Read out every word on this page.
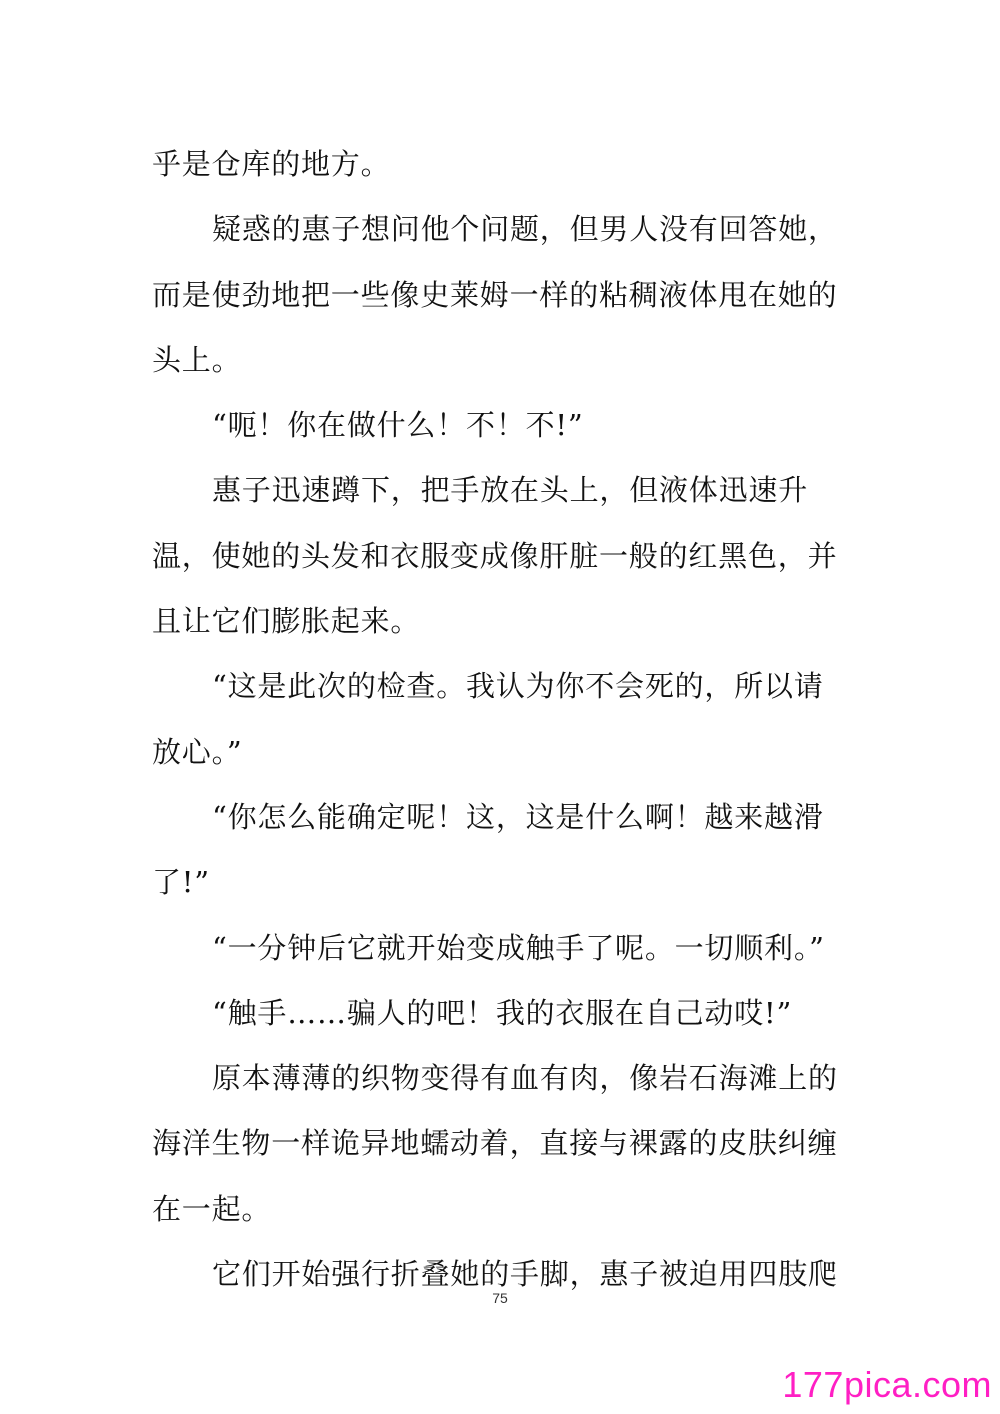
乎是仓库的地方。

疑惑的惠子想问他个问题，但男人没有回答她，而是使劲地把一些像史莱姆一样的粘稠液体甩在她的头上。

“呃！你在做什么！不！不!”

惠子迅速蹲下，把手放在头上，但液体迅速升温，使她的头发和衣服变成像肝脏一般的红黑色，并且让它们膨胀起来。

“这是此次的检查。我认为你不会死的，所以请放心。”

“你怎么能确定呢！这，这是什么啊！越来越滑了!”

“一分钟后它就开始变成触手了呢。一切顺利。”

“触手……骗人的吧！我的衣服在自己动哎!”

原本薄薄的织物变得有血有肉，像岩石海滩上的海洋生物一样诡异地蠕动着，直接与裸露的皮肤纠缠在一起。

它们开始强行折叠她的手脚，惠子被迫用四肢爬

75
177pica.com
